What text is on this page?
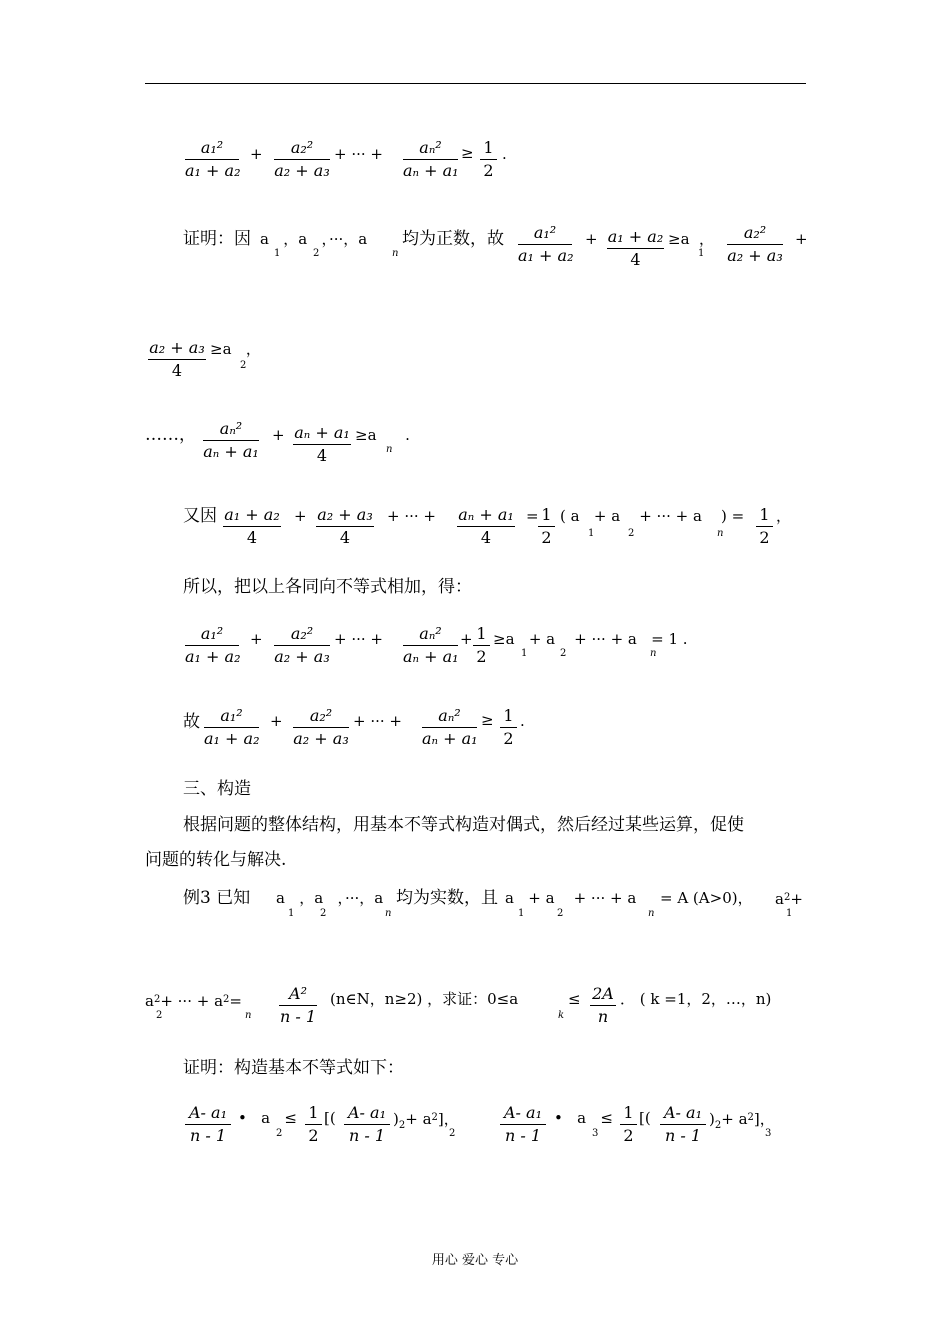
a₁²
a₁ + a₂
+	a₂²
a₂ + a₃
+ ··· +	aₙ²
aₙ + a₁
≥ 1
2
.
证明：因 a   ，a   ，···，a
1	2	n
均为正数，故	a₁²
a₁ + a₂
+ a₁ + a₂
4
≥a  ，
1
a₂²
a₂ + a₃
+
a₂ + a₃
4
≥a   ，
2
……，	aₙ²
aₙ + a₁
+ aₙ + a₁
4
≥a      .
n
又因 a₁ + a₂
4
+ a₂ + a₃
4
+ ··· + aₙ + a₁
4
= 1
2
( a   + a    + ··· + a    ) =
1	2	n
1
2
，
所以，把以上各同向不等式相加，得：
a₁²
a₁ + a₂
+	a₂²
a₂ + a₃
+ ··· +	aₙ²
aₙ + a₁
+ 1
2
≥a   + a    + ··· + a   = 1 .
1	2	n
故	a₁²
a₁ + a₂
+	a₂²
a₂ + a₃
+ ··· +	aₙ²
aₙ + a₁
≥ 1
2
.
三、构造
根据问题的整体结构，用基本不等式构造对偶式，然后经过某些运算，促使
问题的转化与解决.
例3 已知 a   ，a   ，···，a
1	2	n
均为实数，且 a   + a    + ··· + a
1	2	n
= A (A>0)， $a^2+$
1
$a^2+$ ··· + $a^2=$
2	n
A²
n - 1
(n∈N，n≥2) ，求证：0≤a
k
≤ 2A
n
． ( k =1，2，…，n)
证明：构造基本不等式如下：
A- a₁
n - 1
•   a   ≤
2
1
2
[( A- a₁
n - 1
)$_2+ a^2$]，
2
A- a₁
n - 1
•   a   ≤
3
1
2
[( A- a₁
n - 1
)$_2+ a^2$]，
3
用心 爱心 专心
